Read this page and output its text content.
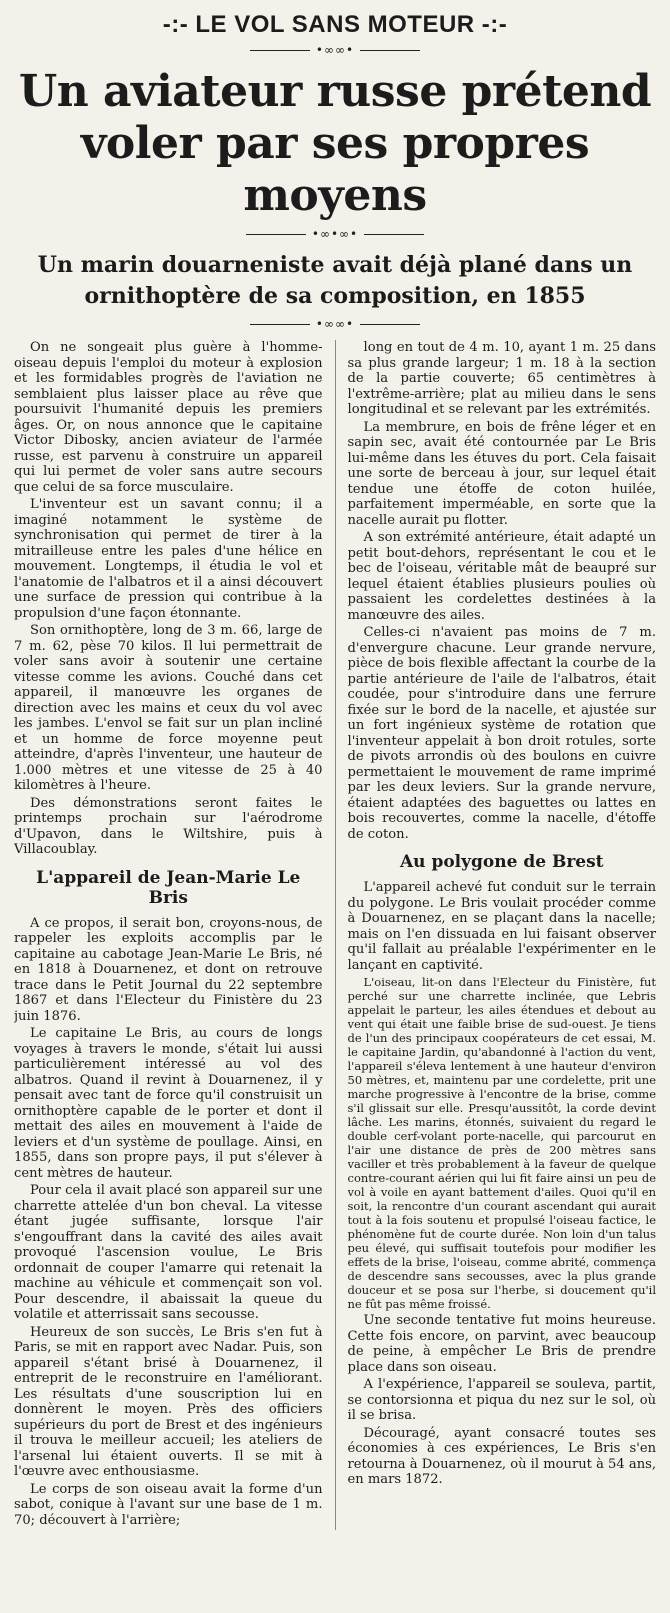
-:- LE VOL SANS MOTEUR -:-
•∞∞•
Un aviateur russe prétend voler par ses propres moyens
•∞•∞•
Un marin douarneniste avait déjà plané dans un ornithoptère de sa composition, en 1855
•∞∞•

On ne songeait plus guère à l'homme-oiseau depuis l'emploi du moteur à explosion et les formidables progrès de l'aviation ne semblaient plus laisser place au rêve que poursuivit l'humanité depuis les premiers âges. Or, on nous annonce que le capitaine Victor Dibosky, ancien aviateur de l'armée russe, est parvenu à construire un appareil qui lui permet de voler sans autre secours que celui de sa force musculaire.

L'inventeur est un savant connu; il a imaginé notamment le système de synchronisation qui permet de tirer à la mitrailleuse entre les pales d'une hélice en mouvement. Longtemps, il étudia le vol et l'anatomie de l'albatros et il a ainsi découvert une surface de pression qui contribue à la propulsion d'une façon étonnante.

Son ornithoptère, long de 3 m. 66, large de 7 m. 62, pèse 70 kilos. Il lui permettrait de voler sans avoir à soutenir une certaine vitesse comme les avions. Couché dans cet appareil, il manœuvre les organes de direction avec les mains et ceux du vol avec les jambes. L'envol se fait sur un plan incliné et un homme de force moyenne peut atteindre, d'après l'inventeur, une hauteur de 1.000 mètres et une vitesse de 25 à 40 kilomètres à l'heure.

Des démonstrations seront faites le printemps prochain sur l'aérodrome d'Upavon, dans le Wiltshire, puis à Villacoublay.

L'appareil de Jean-Marie Le Bris

A ce propos, il serait bon, croyons-nous, de rappeler les exploits accomplis par le capitaine au cabotage Jean-Marie Le Bris, né en 1818 à Douarnenez, et dont on retrouve trace dans le Petit Journal du 22 septembre 1867 et dans l'Electeur du Finistère du 23 juin 1876.

Le capitaine Le Bris, au cours de longs voyages à travers le monde, s'était lui aussi particulièrement intéressé au vol des albatros. Quand il revint à Douarnenez, il y pensait avec tant de force qu'il construisit un ornithoptère capable de le porter et dont il mettait des ailes en mouvement à l'aide de leviers et d'un système de poullage. Ainsi, en 1855, dans son propre pays, il put s'élever à cent mètres de hauteur.

Pour cela il avait placé son appareil sur une charrette attelée d'un bon cheval. La vitesse étant jugée suffisante, lorsque l'air s'engouffrant dans la cavité des ailes avait provoqué l'ascension voulue, Le Bris ordonnait de couper l'amarre qui retenait la machine au véhicule et commençait son vol. Pour descendre, il abaissait la queue du volatile et atterrissait sans secousse.

Heureux de son succès, Le Bris s'en fut à Paris, se mit en rapport avec Nadar. Puis, son appareil s'étant brisé à Douarnenez, il entreprit de le reconstruire en l'améliorant. Les résultats d'une souscription lui en donnèrent le moyen. Près des officiers supérieurs du port de Brest et des ingénieurs il trouva le meilleur accueil; les ateliers de l'arsenal lui étaient ouverts. Il se mit à l'œuvre avec enthousiasme.

Le corps de son oiseau avait la forme d'un sabot, conique à l'avant sur une base de 1 m. 70; découvert à l'arrière;

long en tout de 4 m. 10, ayant 1 m. 25 dans sa plus grande largeur; 1 m. 18 à la section de la partie couverte; 65 centimètres à l'extrême-arrière; plat au milieu dans le sens longitudinal et se relevant par les extrémités.

La membrure, en bois de frêne léger et en sapin sec, avait été contournée par Le Bris lui-même dans les étuves du port. Cela faisait une sorte de berceau à jour, sur lequel était tendue une étoffe de coton huilée, parfaitement imperméable, en sorte que la nacelle aurait pu flotter.

A son extrémité antérieure, était adapté un petit bout-dehors, représentant le cou et le bec de l'oiseau, véritable mât de beaupré sur lequel étaient établies plusieurs poulies où passaient les cordelettes destinées à la manœuvre des ailes.

Celles-ci n'avaient pas moins de 7 m. d'envergure chacune. Leur grande nervure, pièce de bois flexible affectant la courbe de la partie antérieure de l'aile de l'albatros, était coudée, pour s'introduire dans une ferrure fixée sur le bord de la nacelle, et ajustée sur un fort ingénieux système de rotation que l'inventeur appelait à bon droit rotules, sorte de pivots arrondis où des boulons en cuivre permettaient le mouvement de rame imprimé par les deux leviers. Sur la grande nervure, étaient adaptées des baguettes ou lattes en bois recouvertes, comme la nacelle, d'étoffe de coton.

Au polygone de Brest

L'appareil achevé fut conduit sur le terrain du polygone. Le Bris voulait procéder comme à Douarnenez, en se plaçant dans la nacelle; mais on l'en dissuada en lui faisant observer qu'il fallait au préalable l'expérimenter en le lançant en captivité.

L'oiseau, lit-on dans l'Electeur du Finistère, fut perché sur une charrette inclinée, que Lebris appelait le parteur, les ailes étendues et debout au vent qui était une faible brise de sud-ouest. Je tiens de l'un des principaux coopérateurs de cet essai, M. le capitaine Jardin, qu'abandonné à l'action du vent, l'appareil s'éleva lentement à une hauteur d'environ 50 mètres, et, maintenu par une cordelette, prit une marche progressive à l'encontre de la brise, comme s'il glissait sur elle. Presqu'aussitôt, la corde devint lâche. Les marins, étonnés, suivaient du regard le double cerf-volant porte-nacelle, qui parcourut en l'air une distance de près de 200 mètres sans vaciller et très probablement à la faveur de quelque contre-courant aérien qui lui fit faire ainsi un peu de vol à voile en ayant battement d'ailes. Quoi qu'il en soit, la rencontre d'un courant ascendant qui aurait tout à la fois soutenu et propulsé l'oiseau factice, le phénomène fut de courte durée. Non loin d'un talus peu élevé, qui suffisait toutefois pour modifier les effets de la brise, l'oiseau, comme abrité, commença de descendre sans secousses, avec la plus grande douceur et se posa sur l'herbe, si doucement qu'il ne fût pas même froissé.

Une seconde tentative fut moins heureuse. Cette fois encore, on parvint, avec beaucoup de peine, à empêcher Le Bris de prendre place dans son oiseau.

A l'expérience, l'appareil se souleva, partit, se contorsionna et piqua du nez sur le sol, où il se brisa.

Découragé, ayant consacré toutes ses économies à ces expériences, Le Bris s'en retourna à Douarnenez, où il mourut à 54 ans, en mars 1872.
